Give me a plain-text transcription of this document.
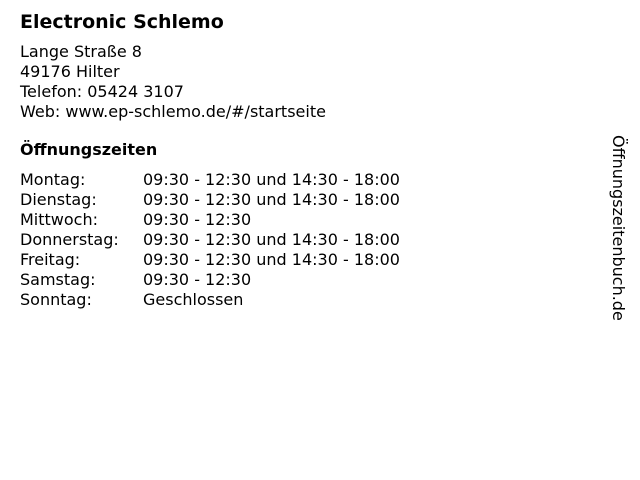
Electronic Schlemo
Lange Straße 8
49176 Hilter
Telefon: 05424 3107
Web: www.ep-schlemo.de/#/startseite
Öffnungszeiten
Montag:	09:30 - 12:30 und 14:30 - 18:00
Dienstag:	09:30 - 12:30 und 14:30 - 18:00
Mittwoch:	09:30 - 12:30
Donnerstag:	09:30 - 12:30 und 14:30 - 18:00
Freitag:	09:30 - 12:30 und 14:30 - 18:00
Samstag:	09:30 - 12:30
Sonntag:	Geschlossen	Öffnungszeitenbuch.de
